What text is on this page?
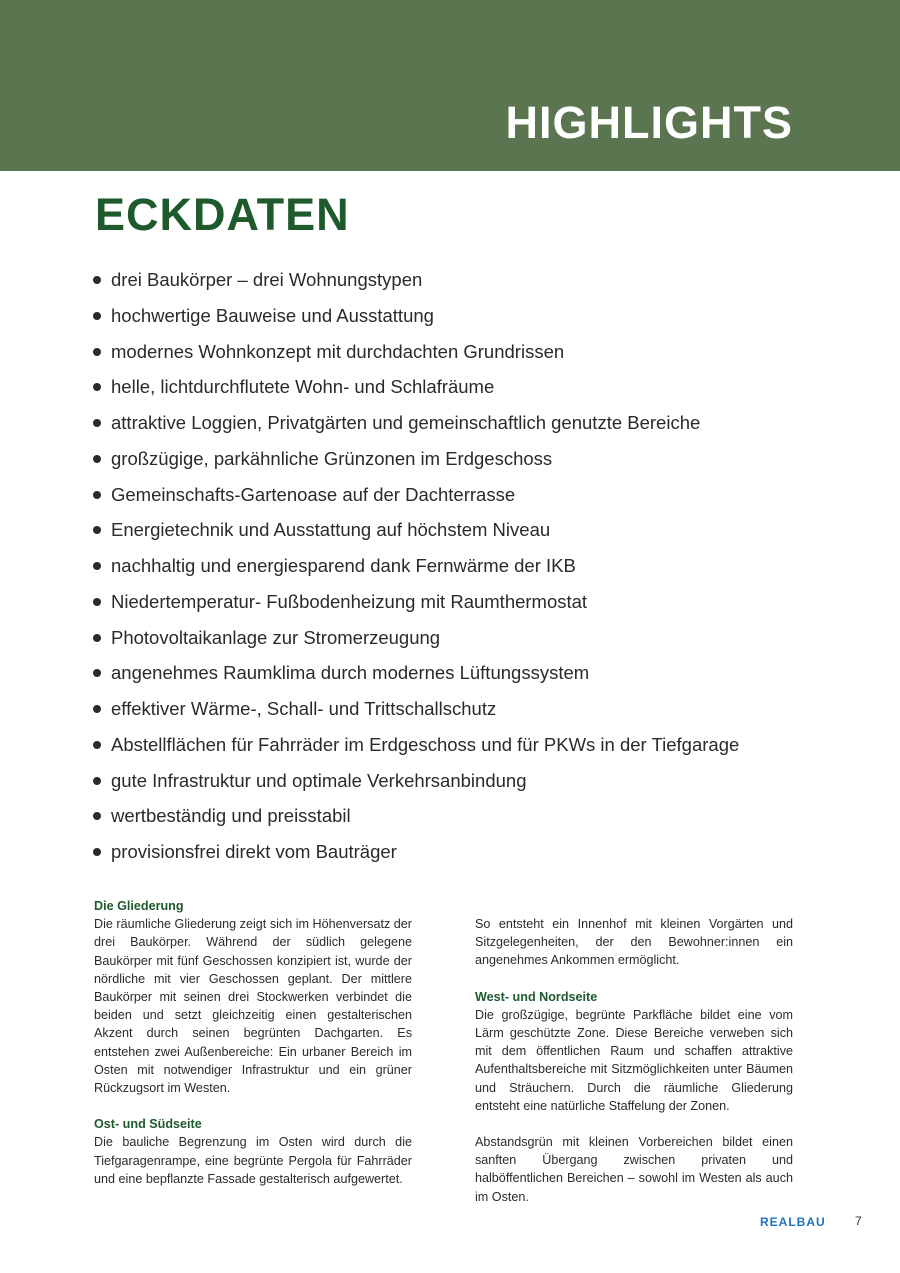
HIGHLIGHTS
ECKDATEN
drei Baukörper – drei Wohnungstypen
hochwertige Bauweise und Ausstattung
modernes Wohnkonzept mit durchdachten Grundrissen
helle, lichtdurchflutete Wohn- und Schlafräume
attraktive Loggien, Privatgärten und gemeinschaftlich genutzte Bereiche
großzügige, parkähnliche Grünzonen im Erdgeschoss
Gemeinschafts-Gartenoase auf der Dachterrasse
Energietechnik und Ausstattung auf höchstem Niveau
nachhaltig und energiesparend dank Fernwärme der IKB
Niedertemperatur- Fußbodenheizung mit Raumthermostat
Photovoltaikanlage zur Stromerzeugung
angenehmes Raumklima durch modernes Lüftungssystem
effektiver Wärme-, Schall- und Trittschallschutz
Abstellflächen für Fahrräder im Erdgeschoss und für PKWs in der Tiefgarage
gute Infrastruktur und optimale Verkehrsanbindung
wertbeständig und preisstabil
provisionsfrei direkt vom Bauträger
Die Gliederung

Die räumliche Gliederung zeigt sich im Höhenversatz der drei Baukörper. Während der südlich gelegene Baukörper mit fünf Geschossen konzipiert ist, wurde der nördliche mit vier Geschossen geplant. Der mittlere Baukörper mit seinen drei Stockwerken verbindet die beiden und setzt gleichzeitig einen gestalterischen Akzent durch seinen begrünten Dachgarten. Es entstehen zwei Außenbereiche: Ein urbaner Bereich im Osten mit notwendiger Infrastruktur und ein grüner Rückzugsort im Westen.

Ost- und Südseite

Die bauliche Begrenzung im Osten wird durch die Tiefgaragenrampe, eine begrünte Pergola für Fahrräder und eine bepflanzte Fassade gestalterisch aufgewertet.

So entsteht ein Innenhof mit kleinen Vorgärten und Sitzgelegenheiten, der den Bewohner:innen ein angenehmes Ankommen ermöglicht.

West- und Nordseite

Die großzügige, begrünte Parkfläche bildet eine vom Lärm geschützte Zone. Diese Bereiche verweben sich mit dem öffentlichen Raum und schaffen attraktive Aufenthaltsbereiche mit Sitzmöglichkeiten unter Bäumen und Sträuchern. Durch die räumliche Gliederung entsteht eine natürliche Staffelung der Zonen.

Abstandsgrün mit kleinen Vorbereichen bildet einen sanften Übergang zwischen privaten und halböffentlichen Bereichen – sowohl im Westen als auch im Osten.

REALBAU 7
